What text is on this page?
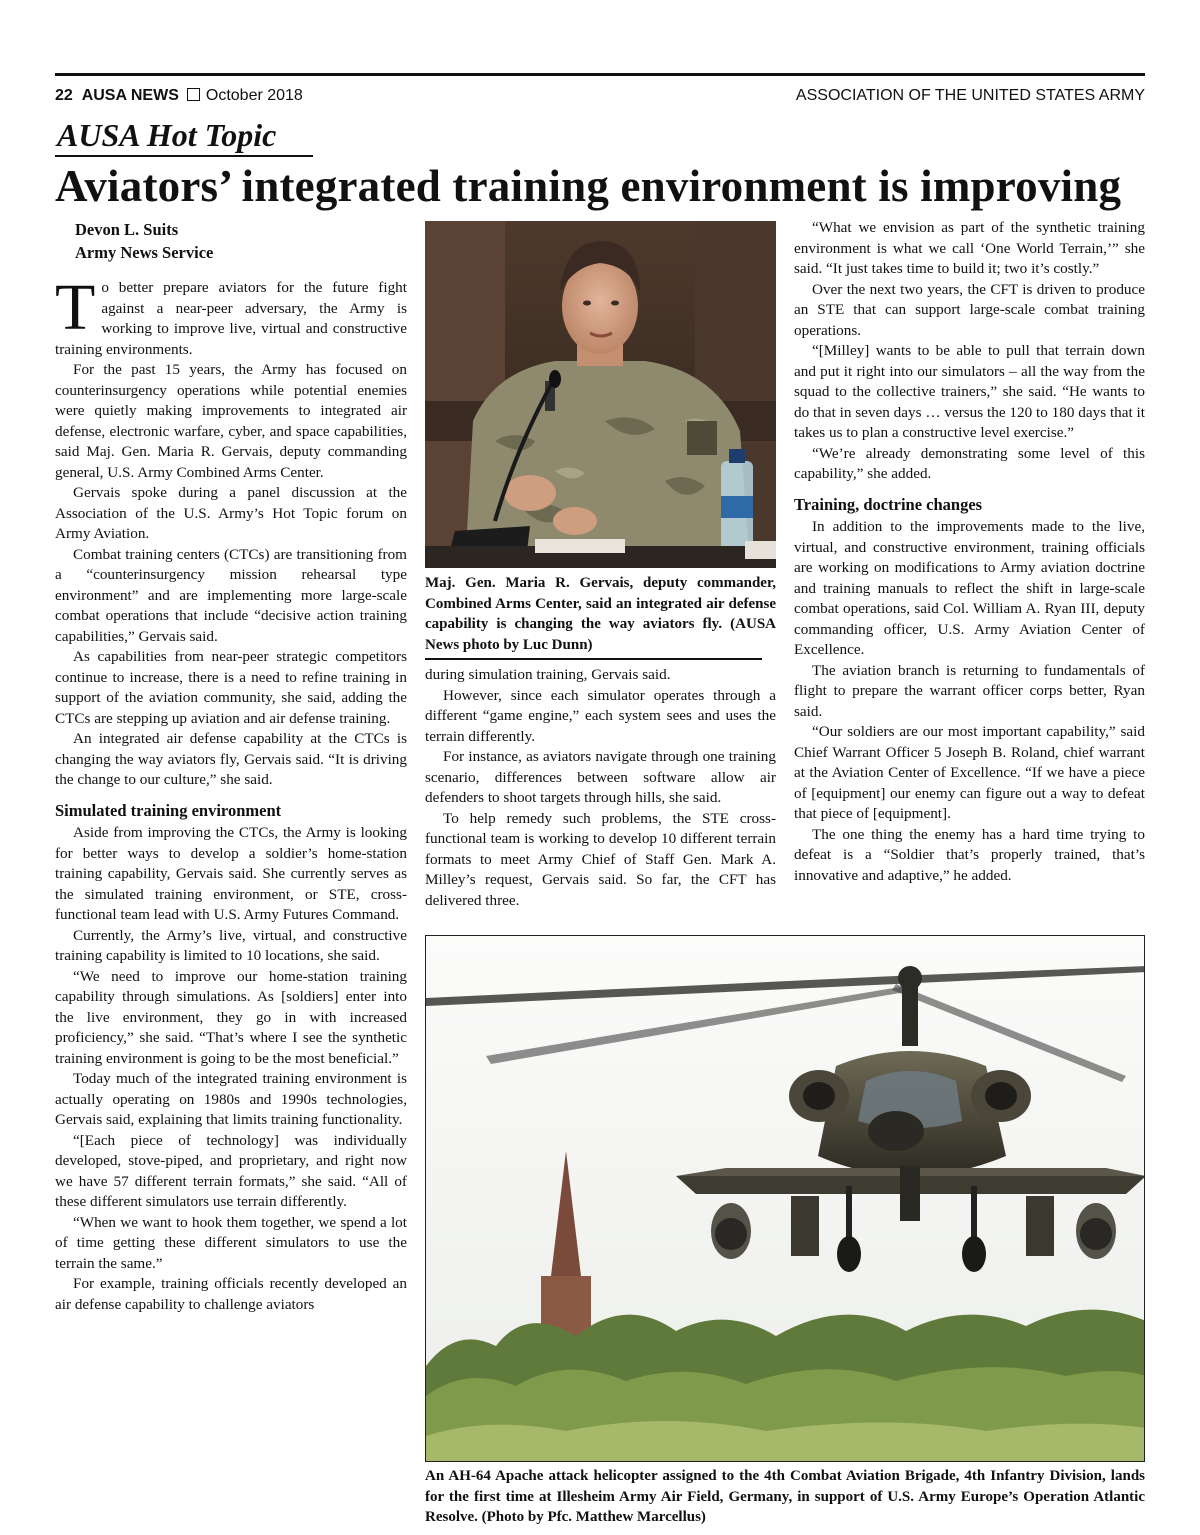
22 AUSA NEWS October 2018	ASSOCIATION OF THE UNITED STATES ARMY
AUSA Hot Topic
Aviators’ integrated training environment is improving
Devon L. Suits
Army News Service

To better prepare aviators for the future fight against a near-peer adversary, the Army is working to improve live, virtual and constructive training environments.

For the past 15 years, the Army has focused on counterinsurgency operations while potential enemies were quietly making improvements to integrated air defense, electronic warfare, cyber, and space capabilities, said Maj. Gen. Maria R. Gervais, deputy commanding general, U.S. Army Combined Arms Center.

Gervais spoke during a panel discussion at the Association of the U.S. Army’s Hot Topic forum on Army Aviation.

Combat training centers (CTCs) are transitioning from a “counterinsurgency mission rehearsal type environment” and are implementing more large-scale combat operations that include “decisive action training capabilities,” Gervais said.

As capabilities from near-peer strategic competitors continue to increase, there is a need to refine training in support of the aviation community, she said, adding the CTCs are stepping up aviation and air defense training.

An integrated air defense capability at the CTCs is changing the way aviators fly, Gervais said. “It is driving the change to our culture,” she said.

Simulated training environment

Aside from improving the CTCs, the Army is looking for better ways to develop a soldier’s home-station training capability, Gervais said. She currently serves as the simulated training environment, or STE, cross-functional team lead with U.S. Army Futures Command.

Currently, the Army’s live, virtual, and constructive training capability is limited to 10 locations, she said.

“We need to improve our home-station training capability through simulations. As [soldiers] enter into the live environment, they go in with increased proficiency,” she said. “That’s where I see the synthetic training environment is going to be the most beneficial.”

Today much of the integrated training environment is actually operating on 1980s and 1990s technologies, Gervais said, explaining that limits training functionality.

“[Each piece of technology] was individually developed, stove-piped, and proprietary, and right now we have 57 different terrain formats,” she said. “All of these different simulators use terrain differently.

“When we want to hook them together, we spend a lot of time getting these different simulators to use the terrain the same.”

For example, training officials recently developed an air defense capability to challenge aviators

Maj. Gen. Maria R. Gervais, deputy commander, Combined Arms Center, said an integrated air defense capability is changing the way aviators fly. (AUSA News photo by Luc Dunn)

during simulation training, Gervais said.

However, since each simulator operates through a different “game engine,” each system sees and uses the terrain differently.

For instance, as aviators navigate through one training scenario, differences between software allow air defenders to shoot targets through hills, she said.

To help remedy such problems, the STE cross-functional team is working to develop 10 different terrain formats to meet Army Chief of Staff Gen. Mark A. Milley’s request, Gervais said. So far, the CFT has delivered three.

“What we envision as part of the synthetic training environment is what we call ‘One World Terrain,’” she said. “It just takes time to build it; two it’s costly.”

Over the next two years, the CFT is driven to produce an STE that can support large-scale combat training operations.

“[Milley] wants to be able to pull that terrain down and put it right into our simulators – all the way from the squad to the collective trainers,” she said. “He wants to do that in seven days … versus the 120 to 180 days that it takes us to plan a constructive level exercise.”

“We’re already demonstrating some level of this capability,” she added.

Training, doctrine changes

In addition to the improvements made to the live, virtual, and constructive environment, training officials are working on modifications to Army aviation doctrine and training manuals to reflect the shift in large-scale combat operations, said Col. William A. Ryan III, deputy commanding officer, U.S. Army Aviation Center of Excellence.

The aviation branch is returning to fundamentals of flight to prepare the warrant officer corps better, Ryan said.

“Our soldiers are our most important capability,” said Chief Warrant Officer 5 Joseph B. Roland, chief warrant at the Aviation Center of Excellence. “If we have a piece of [equipment] our enemy can figure out a way to defeat that piece of [equipment].

The one thing the enemy has a hard time trying to defeat is a “Soldier that’s properly trained, that’s innovative and adaptive,” he added.

An AH-64 Apache attack helicopter assigned to the 4th Combat Aviation Brigade, 4th Infantry Division, lands for the first time at Illesheim Army Air Field, Germany, in support of U.S. Army Europe’s Operation Atlantic Resolve. (Photo by Pfc. Matthew Marcellus)
